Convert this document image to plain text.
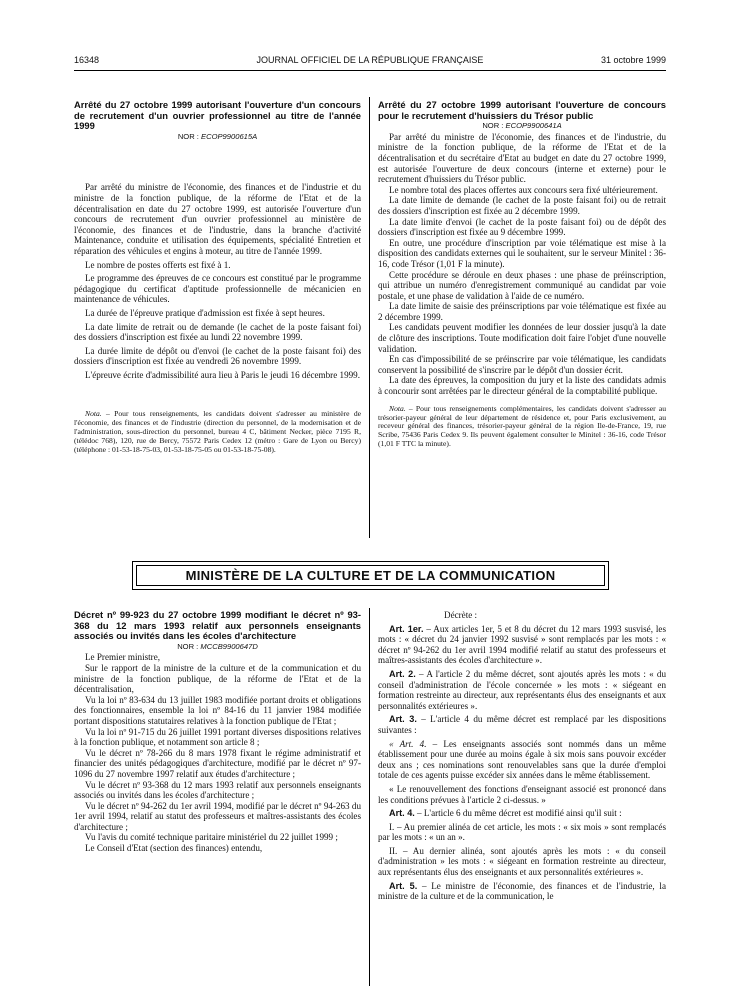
16348	JOURNAL OFFICIEL DE LA RÉPUBLIQUE FRANÇAISE	31 octobre 1999

Arrêté du 27 octobre 1999 autorisant l'ouverture d'un concours de recrutement d'un ouvrier professionnel au titre de l'année 1999

NOR : ECOP9900615A

Par arrêté du ministre de l'économie, des finances et de l'industrie et du ministre de la fonction publique, de la réforme de l'Etat et de la décentralisation en date du 27 octobre 1999, est autorisée l'ouverture d'un concours de recrutement d'un ouvrier professionnel au ministère de l'économie, des finances et de l'industrie, dans la branche d'activité Maintenance, conduite et utilisation des équipements, spécialité Entretien et réparation des véhicules et engins à moteur, au titre de l'année 1999.

Le nombre de postes offerts est fixé à 1.

Le programme des épreuves de ce concours est constitué par le programme pédagogique du certificat d'aptitude professionnelle de mécanicien en maintenance de véhicules.

La durée de l'épreuve pratique d'admission est fixée à sept heures.

La date limite de retrait ou de demande (le cachet de la poste faisant foi) des dossiers d'inscription est fixée au lundi 22 novembre 1999.

La durée limite de dépôt ou d'envoi (le cachet de la poste faisant foi) des dossiers d'inscription est fixée au vendredi 26 novembre 1999.

L'épreuve écrite d'admissibilité aura lieu à Paris le jeudi 16 décembre 1999.

Nota. – Pour tous renseignements, les candidats doivent s'adresser au ministère de l'économie, des finances et de l'industrie (direction du personnel, de la modernisation et de l'administration, sous-direction du personnel, bureau 4 C, bâtiment Necker, pièce 7195 R, (télédoc 768), 120, rue de Bercy, 75572 Paris Cedex 12 (métro : Gare de Lyon ou Bercy) (téléphone : 01-53-18-75-03, 01-53-18-75-05 ou 01-53-18-75-08).

Arrêté du 27 octobre 1999 autorisant l'ouverture de concours pour le recrutement d'huissiers du Trésor public

NOR : ECOP9900641A

Par arrêté du ministre de l'économie, des finances et de l'industrie, du ministre de la fonction publique, de la réforme de l'Etat et de la décentralisation et du secrétaire d'Etat au budget en date du 27 octobre 1999, est autorisée l'ouverture de deux concours (interne et externe) pour le recrutement d'huissiers du Trésor public.

Le nombre total des places offertes aux concours sera fixé ultérieurement.

La date limite de demande (le cachet de la poste faisant foi) ou de retrait des dossiers d'inscription est fixée au 2 décembre 1999.

La date limite d'envoi (le cachet de la poste faisant foi) ou de dépôt des dossiers d'inscription est fixée au 9 décembre 1999.

En outre, une procédure d'inscription par voie télématique est mise à la disposition des candidats externes qui le souhaitent, sur le serveur Minitel : 36-16, code Trésor (1,01 F la minute).

Cette procédure se déroule en deux phases : une phase de préinscription, qui attribue un numéro d'enregistrement communiqué au candidat par voie postale, et une phase de validation à l'aide de ce numéro.

La date limite de saisie des préinscriptions par voie télématique est fixée au 2 décembre 1999.

Les candidats peuvent modifier les données de leur dossier jusqu'à la date de clôture des inscriptions. Toute modification doit faire l'objet d'une nouvelle validation.

En cas d'impossibilité de se préinscrire par voie télématique, les candidats conservent la possibilité de s'inscrire par le dépôt d'un dossier écrit.

La date des épreuves, la composition du jury et la liste des candidats admis à concourir sont arrêtées par le directeur général de la comptabilité publique.

Nota. – Pour tous renseignements complémentaires, les candidats doivent s'adresser au trésorier-payeur général de leur département de résidence et, pour Paris exclusivement, au receveur général des finances, trésorier-payeur général de la région Ile-de-France, 19, rue Scribe, 75436 Paris Cedex 9. Ils peuvent également consulter le Minitel : 36-16, code Trésor (1,01 F TTC la minute).

MINISTÈRE DE LA CULTURE ET DE LA COMMUNICATION

Décret nº 99-923 du 27 octobre 1999 modifiant le décret nº 93-368 du 12 mars 1993 relatif aux personnels enseignants associés ou invités dans les écoles d'architecture

NOR : MCCB9900647D

Le Premier ministre,

Sur le rapport de la ministre de la culture et de la communication et du ministre de la fonction publique, de la réforme de l'Etat et de la décentralisation,

Vu la loi nº 83-634 du 13 juillet 1983 modifiée portant droits et obligations des fonctionnaires, ensemble la loi nº 84-16 du 11 janvier 1984 modifiée portant dispositions statutaires relatives à la fonction publique de l'Etat ;

Vu la loi nº 91-715 du 26 juillet 1991 portant diverses dispositions relatives à la fonction publique, et notamment son article 8 ;

Vu le décret nº 78-266 du 8 mars 1978 fixant le régime administratif et financier des unités pédagogiques d'architecture, modifié par le décret nº 97-1096 du 27 novembre 1997 relatif aux études d'architecture ;

Vu le décret nº 93-368 du 12 mars 1993 relatif aux personnels enseignants associés ou invités dans les écoles d'architecture ;

Vu le décret nº 94-262 du 1er avril 1994, modifié par le décret nº 94-263 du 1er avril 1994, relatif au statut des professeurs et maîtres-assistants des écoles d'architecture ;

Vu l'avis du comité technique paritaire ministériel du 22 juillet 1999 ;

Le Conseil d'Etat (section des finances) entendu,

Décrète :

Art. 1er. – Aux articles 1er, 5 et 8 du décret du 12 mars 1993 susvisé, les mots : « décret du 24 janvier 1992 susvisé » sont remplacés par les mots : « décret nº 94-262 du 1er avril 1994 modifié relatif au statut des professeurs et maîtres-assistants des écoles d'architecture ».

Art. 2. – A l'article 2 du même décret, sont ajoutés après les mots : « du conseil d'administration de l'école concernée » les mots : « siégeant en formation restreinte au directeur, aux représentants élus des enseignants et aux personnalités extérieures ».

Art. 3. – L'article 4 du même décret est remplacé par les dispositions suivantes :

« Art. 4. – Les enseignants associés sont nommés dans un même établissement pour une durée au moins égale à six mois sans pouvoir excéder deux ans ; ces nominations sont renouvelables sans que la durée d'emploi totale de ces agents puisse excéder six années dans le même établissement.

« Le renouvellement des fonctions d'enseignant associé est prononcé dans les conditions prévues à l'article 2 ci-dessus. »

Art. 4. – L'article 6 du même décret est modifié ainsi qu'il suit :

I. – Au premier alinéa de cet article, les mots : « six mois » sont remplacés par les mots : « un an ».

II. – Au dernier alinéa, sont ajoutés après les mots : « du conseil d'administration » les mots : « siégeant en formation restreinte au directeur, aux représentants élus des enseignants et aux personnalités extérieures ».

Art. 5. – Le ministre de l'économie, des finances et de l'industrie, la ministre de la culture et de la communication, le
